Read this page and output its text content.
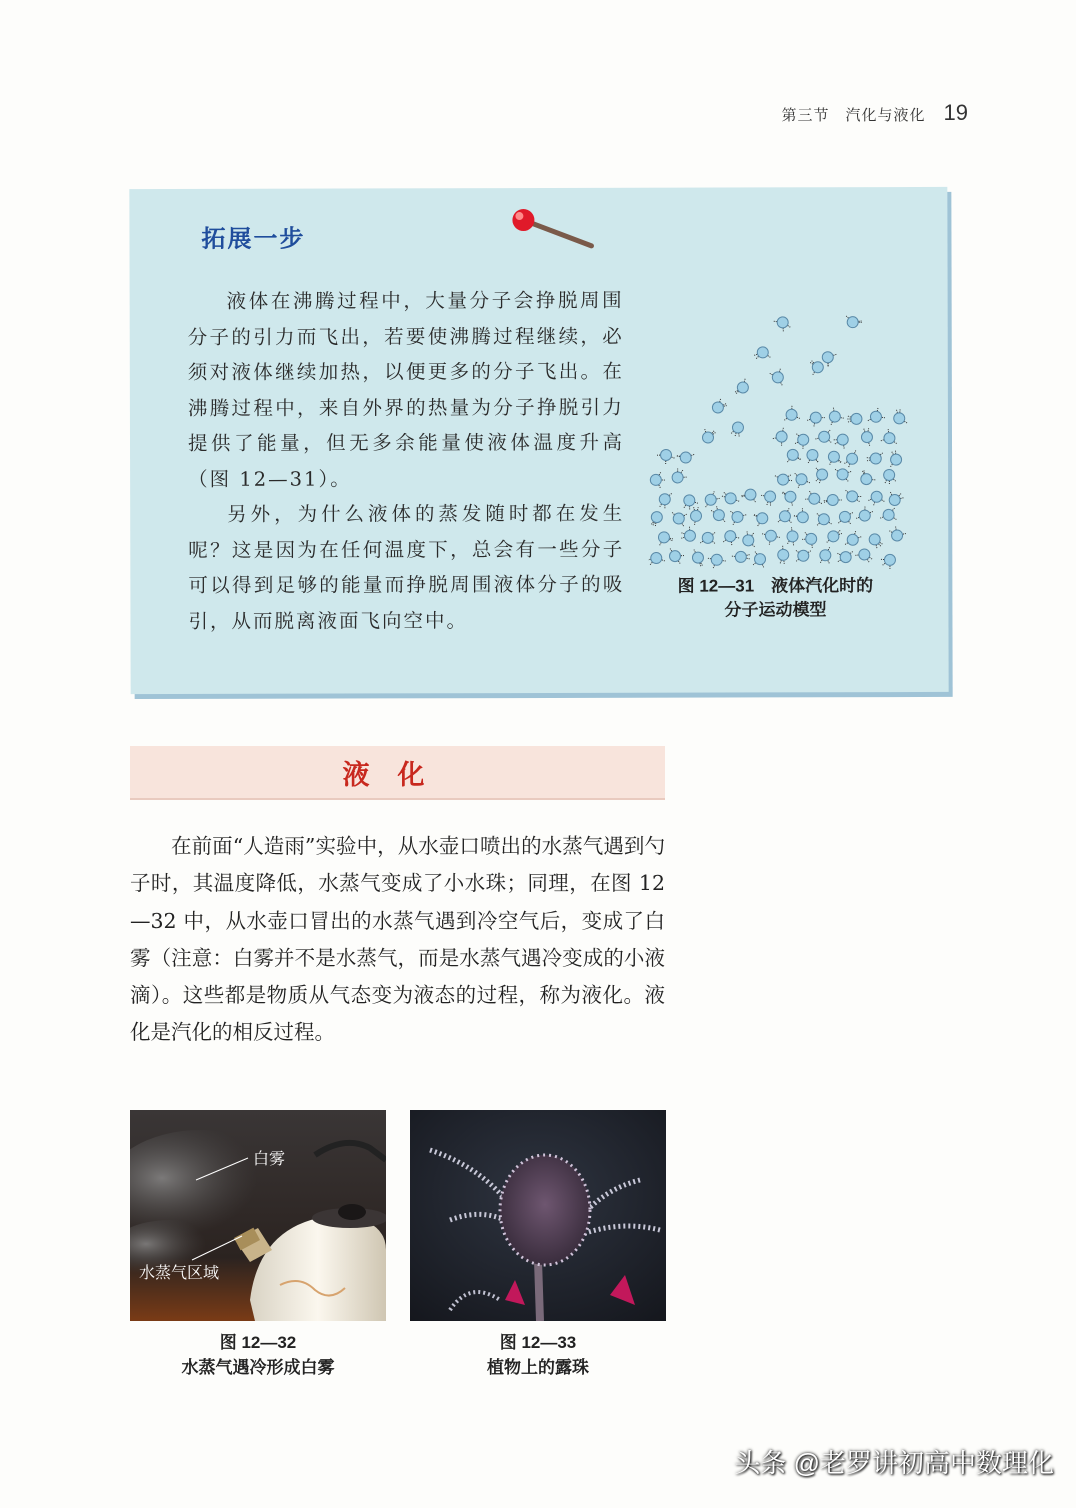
第三节　汽化与液化 19
拓展一步

液体在沸腾过程中，大量分子会挣脱周围分子的引力而飞出，若要使沸腾过程继续，必须对液体继续加热，以便更多的分子飞出。在沸腾过程中，来自外界的热量为分子挣脱引力提供了能量，但无多余能量使液体温度升高（图 12—31）。

另外，为什么液体的蒸发随时都在发生呢？这是因为在任何温度下，总会有一些分子可以得到足够的能量而挣脱周围液体分子的吸引，从而脱离液面飞向空中。

图 12—31　液体汽化时的
分子运动模型
液化

在前面“人造雨”实验中，从水壶口喷出的水蒸气遇到勺子时，其温度降低，水蒸气变成了小水珠；同理，在图 12—32 中，从水壶口冒出的水蒸气遇到冷空气后，变成了白雾（注意：白雾并不是水蒸气，而是水蒸气遇冷变成的小液滴）。这些都是物质从气态变为液态的过程，称为液化。液化是汽化的相反过程。

白雾
水蒸气区域
图 12—32
水蒸气遇冷形成白雾
图 12—33
植物上的露珠
头条 @老罗讲初高中数理化
